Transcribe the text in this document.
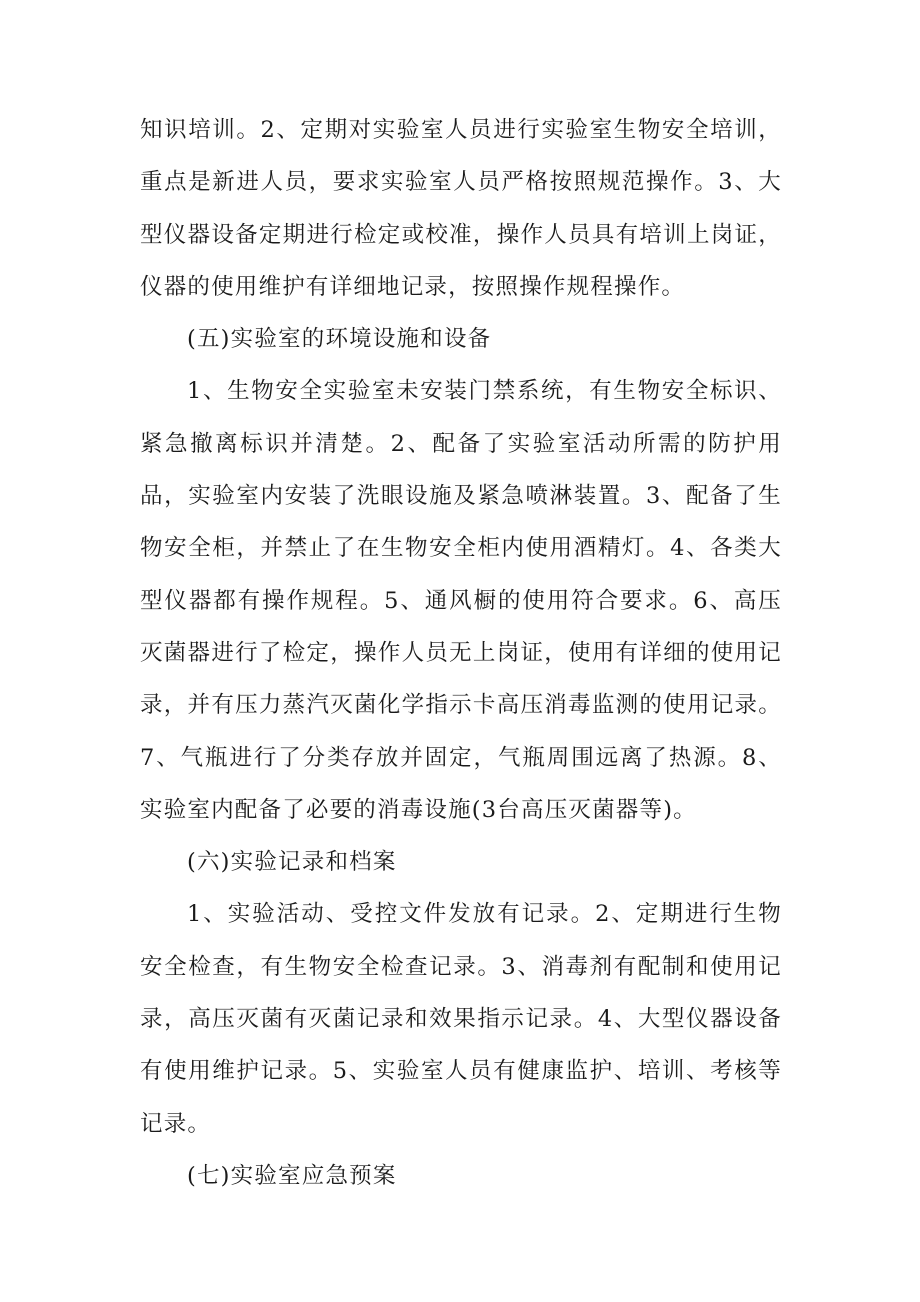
知识培训。2、定期对实验室人员进行实验室生物安全培训，重点是新进人员，要求实验室人员严格按照规范操作。3、大型仪器设备定期进行检定或校准，操作人员具有培训上岗证，仪器的使用维护有详细地记录，按照操作规程操作。

(五)实验室的环境设施和设备

1、生物安全实验室未安装门禁系统，有生物安全标识、紧急撤离标识并清楚。2、配备了实验室活动所需的防护用品，实验室内安装了洗眼设施及紧急喷淋装置。3、配备了生物安全柜，并禁止了在生物安全柜内使用酒精灯。4、各类大型仪器都有操作规程。5、通风橱的使用符合要求。6、高压灭菌器进行了检定，操作人员无上岗证，使用有详细的使用记录，并有压力蒸汽灭菌化学指示卡高压消毒监测的使用记录。7、气瓶进行了分类存放并固定，气瓶周围远离了热源。8、实验室内配备了必要的消毒设施(3台高压灭菌器等)。

(六)实验记录和档案

1、实验活动、受控文件发放有记录。2、定期进行生物安全检查，有生物安全检查记录。3、消毒剂有配制和使用记录，高压灭菌有灭菌记录和效果指示记录。4、大型仪器设备有使用维护记录。5、实验室人员有健康监护、培训、考核等记录。

(七)实验室应急预案
